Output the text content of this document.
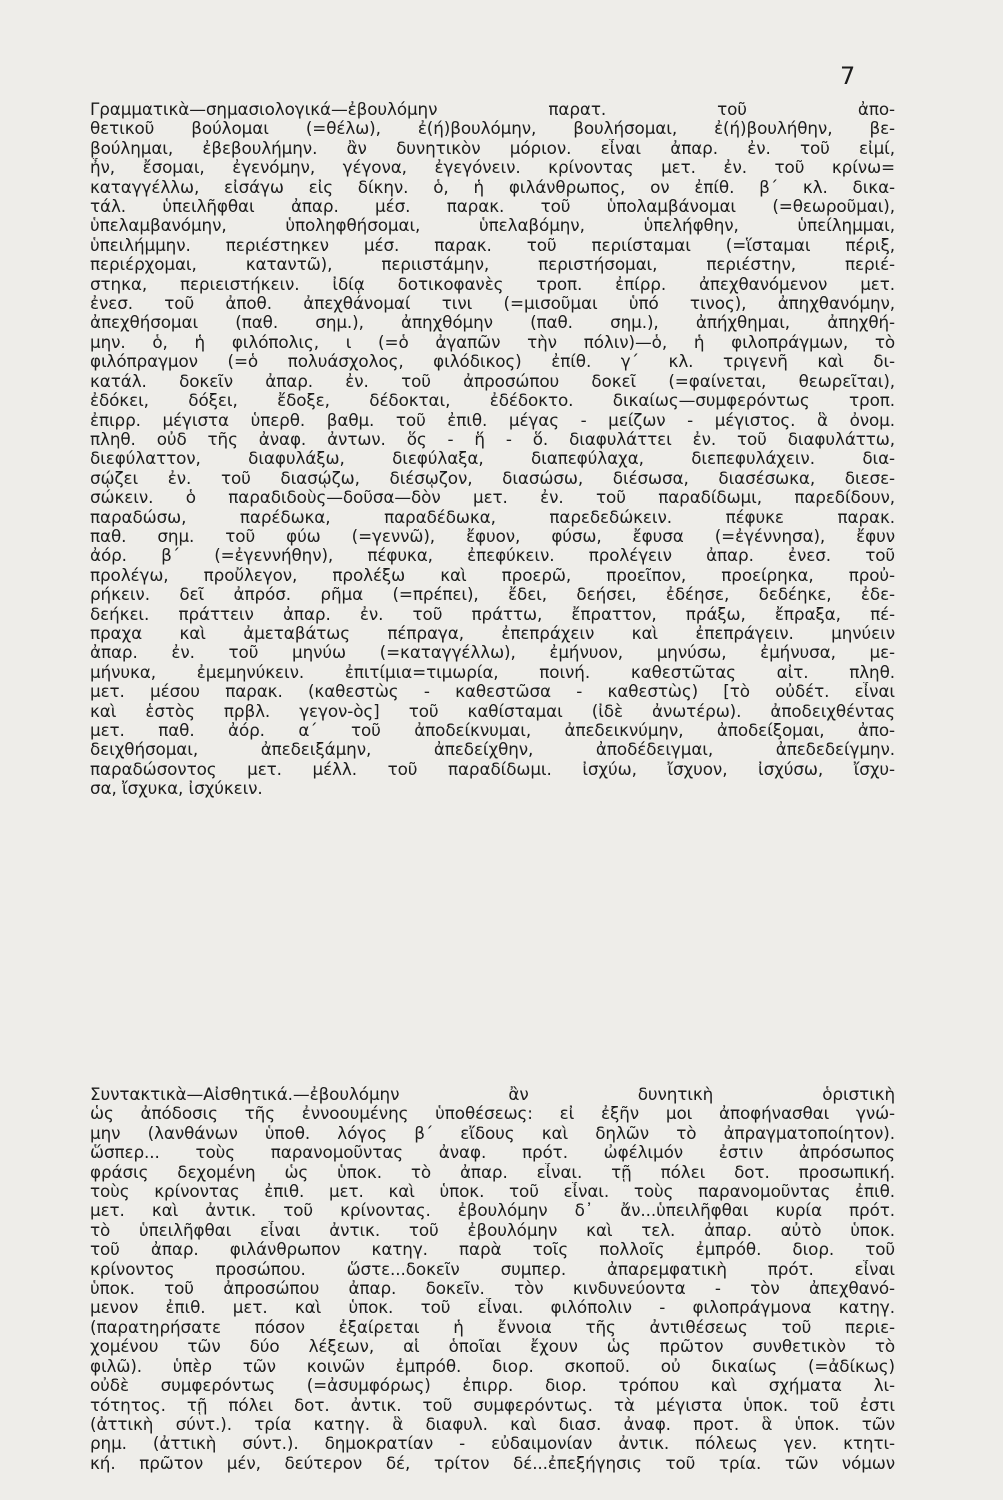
7
Γραμματικὰ—σημασιολογικά—ἐβουλόμην παρατ. τοῦ ἀπο-
θετικοῦ βούλομαι (=θέλω), ἐ(ή)βουλόμην, βουλήσομαι, ἐ(ή)βουλήθην, βε-
βούλημαι, ἐβεβουλήμην. ἂν δυνητικὸν μόριον. εἶναι ἀπαρ. ἐν. τοῦ εἰμί,
ἦν, ἔσομαι, ἐγενόμην, γέγονα, ἐγεγόνειν. κρίνοντας μετ. ἐν. τοῦ κρίνω=
καταγγέλλω, εἰσάγω εἰς δίκην. ὁ, ἡ φιλάνθρωπος, ον ἐπίθ. β΄ κλ. δικα-
τάλ. ὑπειλῆφθαι ἀπαρ. μέσ. παρακ. τοῦ ὑπολαμβάνομαι (=θεωροῦμαι),
ὑπελαμβανόμην, ὑποληφθήσομαι, ὑπελαβόμην, ὑπελήφθην, ὑπείλημμαι,
ὑπειλήμμην. περιέστηκεν μέσ. παρακ. τοῦ περιίσταμαι (=ἵσταμαι πέριξ,
περιέρχομαι, καταντῶ), περιιστάμην, περιστήσομαι, περιέστην, περιέ-
στηκα, περιειστήκειν. ἰδίᾳ δοτικοφανὲς τροπ. ἐπίρρ. ἀπεχθανόμενον μετ.
ἐνεσ. τοῦ ἀποθ. ἀπεχθάνομαί τινι (=μισοῦμαι ὑπό τινος), ἀπηχθανόμην,
ἀπεχθήσομαι (παθ. σημ.), ἀπηχθόμην (παθ. σημ.), ἀπήχθημαι, ἀπηχθή-
μην. ὁ, ἡ φιλόπολις, ι (=ὁ ἀγαπῶν τὴν πόλιν)—ὁ, ἡ φιλοπράγμων, τὸ
φιλόπραγμον (=ὁ πολυάσχολος, φιλόδικος) ἐπίθ. γ΄ κλ. τριγενῆ καὶ δι-
κατάλ. δοκεῖν ἀπαρ. ἐν. τοῦ ἀπροσώπου δοκεῖ (=φαίνεται, θεωρεῖται),
ἐδόκει, δόξει, ἔδοξε, δέδοκται, ἐδέδοκτο. δικαίως—συμφερόντως τροπ.
ἐπιρρ. μέγιστα ὑπερθ. βαθμ. τοῦ ἐπιθ. μέγας - μείζων - μέγιστος. ἃ ὀνομ.
πληθ. οὐδ τῆς ἀναφ. ἀντων. ὅς - ἥ - ὅ. διαφυλάττει ἐν. τοῦ διαφυλάττω,
διεφύλαττον, διαφυλάξω, διεφύλαξα, διαπεφύλαχα, διεπεφυλάχειν. δια-
σῴζει ἐν. τοῦ διασῴζω, διέσῳζον, διασώσω, διέσωσα, διασέσωκα, διεσε-
σώκειν. ὁ παραδιδοὺς—δοῦσα—δὸν μετ. ἐν. τοῦ παραδίδωμι, παρεδίδουν,
παραδώσω, παρέδωκα, παραδέδωκα, παρεδεδώκειν. πέφυκε παρακ.
παθ. σημ. τοῦ φύω (=γεννῶ), ἔφυον, φύσω, ἔφυσα (=ἐγέννησα), ἔφυν
ἀόρ. β΄ (=ἐγεννήθην), πέφυκα, ἐπεφύκειν. προλέγειν ἀπαρ. ἐνεσ. τοῦ
προλέγω, προὔλεγον, προλέξω καὶ προερῶ, προεῖπον, προείρηκα, προὐ-
ρήκειν. δεῖ ἀπρόσ. ρῆμα (=πρέπει), ἔδει, δεήσει, ἐδέησε, δεδέηκε, ἐδε-
δεήκει. πράττειν ἀπαρ. ἐν. τοῦ πράττω, ἔπραττον, πράξω, ἔπραξα, πέ-
πραχα καὶ ἀμεταβάτως πέπραγα, ἐπεπράχειν καὶ ἐπεπράγειν. μηνύειν
ἀπαρ. ἐν. τοῦ μηνύω (=καταγγέλλω), ἐμήνυον, μηνύσω, ἐμήνυσα, με-
μήνυκα, ἐμεμηνύκειν. ἐπιτίμια=τιμωρία, ποινή. καθεστῶτας αἰτ. πληθ.
μετ. μέσου παρακ. (καθεστὼς - καθεστῶσα - καθεστὼς) [τὸ οὐδέτ. εἶναι
καὶ ἑστὸς πρβλ. γεγον-ὸς] τοῦ καθίσταμαι (ἰδὲ ἀνωτέρω). ἀποδειχθέντας
μετ. παθ. ἀόρ. α΄ τοῦ ἀποδείκνυμαι, ἀπεδεικνύμην, ἀποδείξομαι, ἀπο-
δειχθήσομαι, ἀπεδειξάμην, ἀπεδείχθην, ἀποδέδειγμαι, ἀπεδεδείγμην.
παραδώσοντος μετ. μέλλ. τοῦ παραδίδωμι. ἰσχύω, ἴσχυον, ἰσχύσω, ἴσχυ-
σα, ἴσχυκα, ἰσχύκειν.
Συντακτικὰ—Αἰσθητικά.—ἐβουλόμην ἂν δυνητικὴ ὁριστικὴ
ὡς ἀπόδοσις τῆς ἐννοουμένης ὑποθέσεως: εἰ ἐξῆν μοι ἀποφήνασθαι γνώ-
μην (λανθάνων ὑποθ. λόγος β΄ εἴδους καὶ δηλῶν τὸ ἀπραγματοποίητον).
ὥσπερ... τοὺς παρανομοῦντας ἀναφ. πρότ. ὠφέλιμόν ἐστιν ἀπρόσωπος
φράσις δεχομένη ὡς ὑποκ. τὸ ἀπαρ. εἶναι. τῇ πόλει δοτ. προσωπική.
τοὺς κρίνοντας ἐπιθ. μετ. καὶ ὑποκ. τοῦ εἶναι. τοὺς παρανομοῦντας ἐπιθ.
μετ. καὶ ἀντικ. τοῦ κρίνοντας. ἐβουλόμην δ᾽ ἄν...ὑπειλῆφθαι κυρία πρότ.
τὸ ὑπειλῆφθαι εἶναι ἀντικ. τοῦ ἐβουλόμην καὶ τελ. ἀπαρ. αὐτὸ ὑποκ.
τοῦ ἀπαρ. φιλάνθρωπον κατηγ. παρὰ τοῖς πολλοῖς ἐμπρόθ. διορ. τοῦ
κρίνοντος προσώπου. ὥστε...δοκεῖν συμπερ. ἀπαρεμφατικὴ πρότ. εἶναι
ὑποκ. τοῦ ἀπροσώπου ἀπαρ. δοκεῖν. τὸν κινδυνεύοντα - τὸν ἀπεχθανό-
μενον ἐπιθ. μετ. καὶ ὑποκ. τοῦ εἶναι. φιλόπολιν - φιλοπράγμονα κατηγ.
(παρατηρήσατε πόσον ἐξαίρεται ἡ ἔννοια τῆς ἀντιθέσεως τοῦ περιε-
χομένου τῶν δύο λέξεων, αἱ ὁποῖαι ἔχουν ὡς πρῶτον συνθετικὸν τὸ
φιλῶ). ὑπὲρ τῶν κοινῶν ἐμπρόθ. διορ. σκοποῦ. οὐ δικαίως (=ἀδίκως)
οὐδὲ συμφερόντως (=ἀσυμφόρως) ἐπιρρ. διορ. τρόπου καὶ σχήματα λι-
τότητος. τῇ πόλει δοτ. ἀντικ. τοῦ συμφερόντως. τὰ μέγιστα ὑποκ. τοῦ ἐστι
(ἀττικὴ σύντ.). τρία κατηγ. ἃ διαφυλ. καὶ διασ. ἀναφ. προτ. ἃ ὑποκ. τῶν
ρημ. (ἀττικὴ σύντ.). δημοκρατίαν - εὐδαιμονίαν ἀντικ. πόλεως γεν. κτητι-
κή. πρῶτον μέν, δεύτερον δέ, τρίτον δέ...ἐπεξήγησις τοῦ τρία. τῶν νόμων
